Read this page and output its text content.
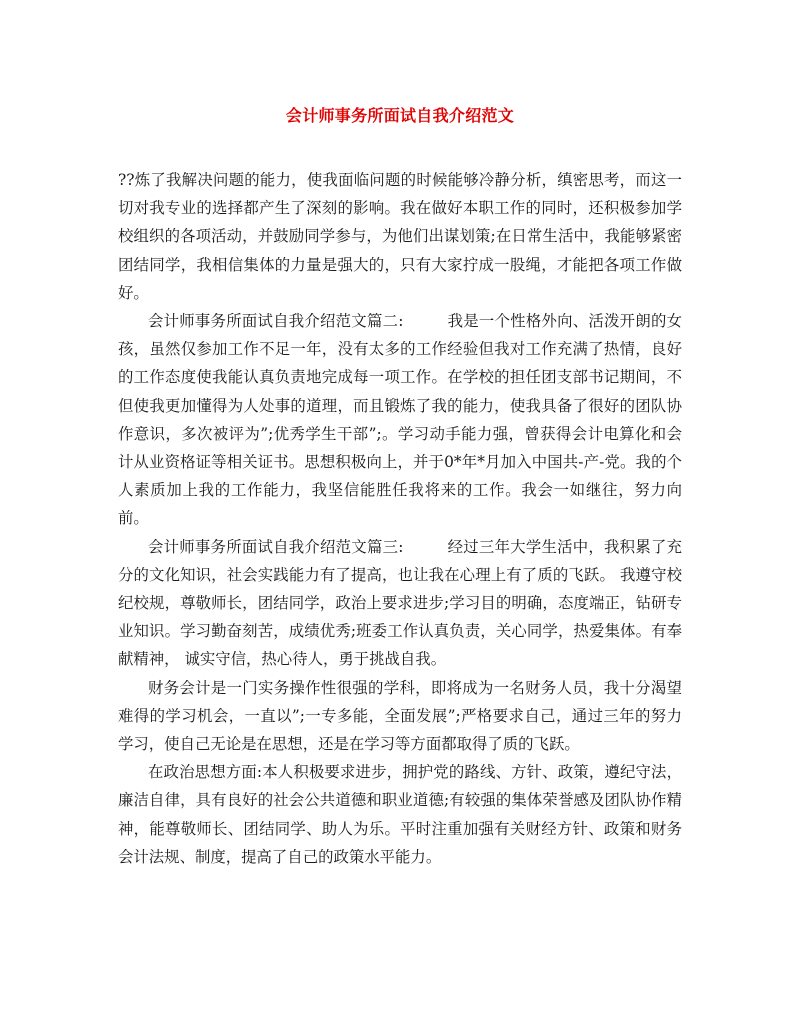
会计师事务所面试自我介绍范文

??炼了我解决问题的能力，使我面临问题的时候能够冷静分析，缜密思考，而这一切对我专业的选择都产生了深刻的影响。我在做好本职工作的同时，还积极参加学校组织的各项活动，并鼓励同学参与，为他们出谋划策;在日常生活中，我能够紧密团结同学，我相信集体的力量是强大的，只有大家拧成一股绳，才能把各项工作做好。

会计师事务所面试自我介绍范文篇二:	我是一个性格外向、活泼开朗的女孩，虽然仅参加工作不足一年，没有太多的工作经验但我对工作充满了热情，良好的工作态度使我能认真负责地完成每一项工作。在学校的担任团支部书记期间，不但使我更加懂得为人处事的道理，而且锻炼了我的能力，使我具备了很好的团队协作意识，多次被评为”;优秀学生干部”;。学习动手能力强，曾获得会计电算化和会计从业资格证等相关证书。思想积极向上，并于0*年*月加入中国共-产-党。我的个人素质加上我的工作能力，我坚信能胜任我将来的工作。我会一如继往，努力向前。

会计师事务所面试自我介绍范文篇三:	经过三年大学生活中，我积累了充分的文化知识，社会实践能力有了提高，也让我在心理上有了质的飞跃。 我遵守校纪校规，尊敬师长，团结同学，政治上要求进步;学习目的明确，态度端正，钻研专业知识。学习勤奋刻苦，成绩优秀;班委工作认真负责，关心同学，热爱集体。有奉献精神， 诚实守信，热心待人，勇于挑战自我。

财务会计是一门实务操作性很强的学科，即将成为一名财务人员，我十分渴望难得的学习机会，一直以”;一专多能，全面发展”;严格要求自己，通过三年的努力学习，使自己无论是在思想，还是在学习等方面都取得了质的飞跃。

在政治思想方面:本人积极要求进步，拥护党的路线、方针、政策，遵纪守法，廉洁自律，具有良好的社会公共道德和职业道德;有较强的集体荣誉感及团队协作精神，能尊敬师长、团结同学、助人为乐。平时注重加强有关财经方针、政策和财务会计法规、制度，提高了自己的政策水平能力。
